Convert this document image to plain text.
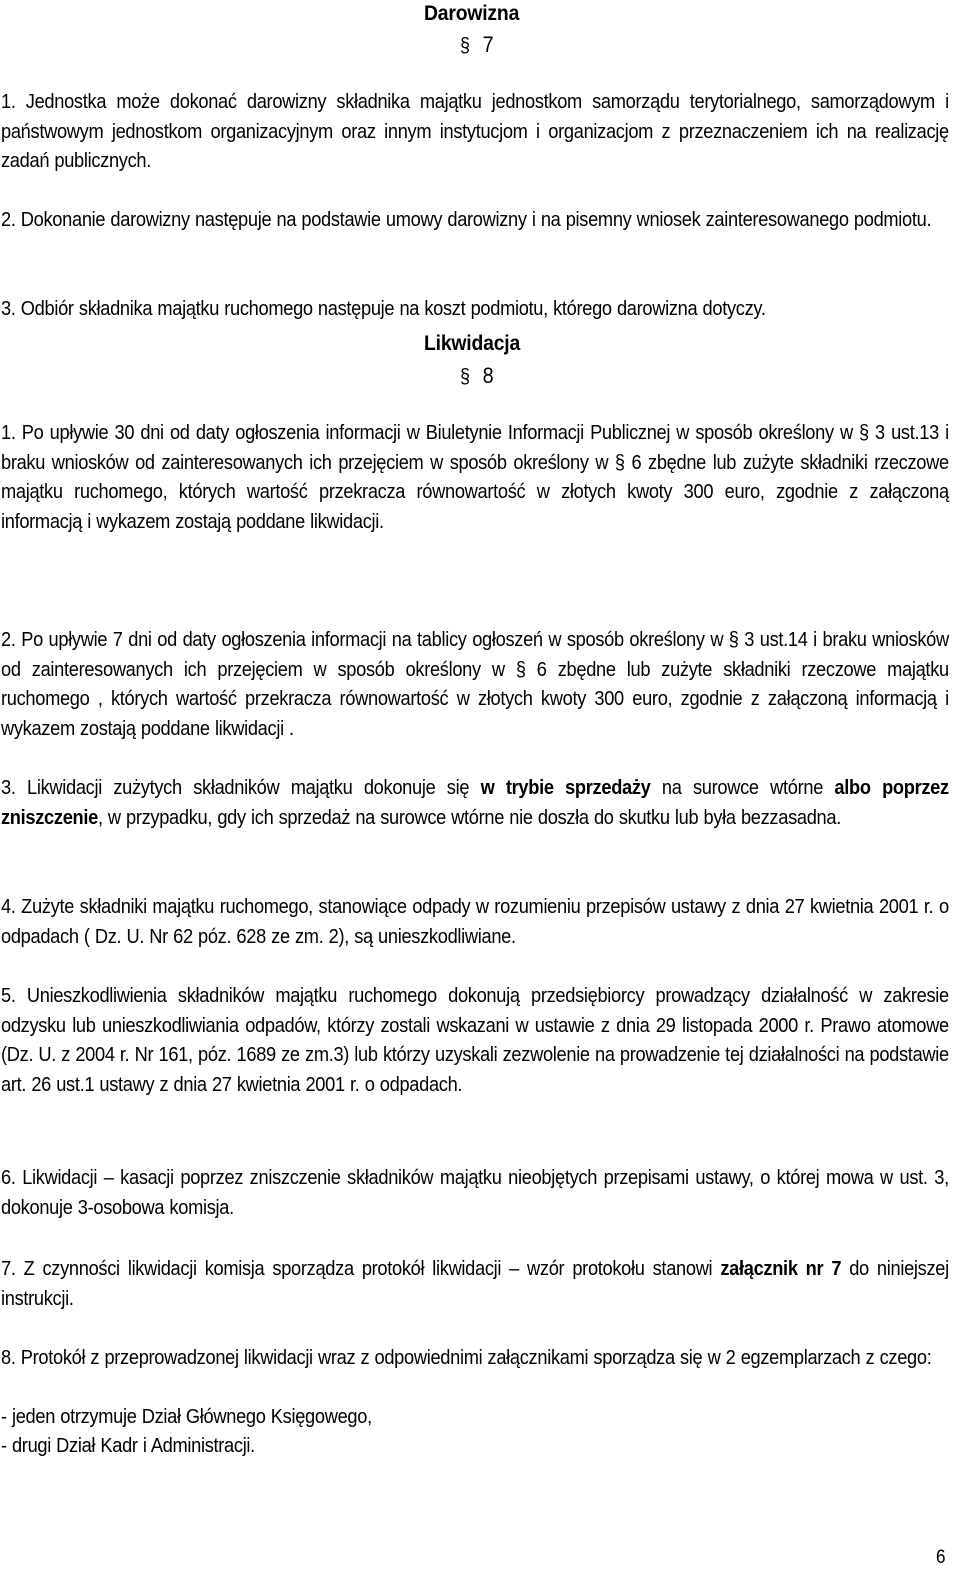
Darowizna
§ 7
1. Jednostka może dokonać darowizny składnika majątku jednostkom samorządu terytorialnego, samorządowym i państwowym jednostkom organizacyjnym oraz innym instytucjom i organizacjom z przeznaczeniem ich na realizację zadań publicznych.
2. Dokonanie darowizny następuje na podstawie umowy darowizny i na pisemny wniosek zainteresowanego podmiotu.
3. Odbiór składnika majątku ruchomego następuje na koszt podmiotu, którego darowizna dotyczy.
Likwidacja
§ 8
1. Po upływie 30 dni od daty ogłoszenia informacji w Biuletynie Informacji Publicznej w sposób określony w § 3 ust.13 i braku wniosków od zainteresowanych ich przejęciem w sposób określony w § 6 zbędne lub zużyte składniki rzeczowe majątku ruchomego, których wartość przekracza równowartość w złotych kwoty 300 euro, zgodnie z załączoną informacją i wykazem zostają poddane likwidacji.
2. Po upływie 7 dni od daty ogłoszenia informacji na tablicy ogłoszeń w sposób określony w § 3 ust.14 i braku wniosków od zainteresowanych ich przejęciem w sposób określony w § 6 zbędne lub zużyte składniki rzeczowe majątku ruchomego , których wartość przekracza równowartość w złotych kwoty 300 euro, zgodnie z załączoną informacją i wykazem zostają poddane likwidacji .
3. Likwidacji zużytych składników majątku dokonuje się w trybie sprzedaży na surowce wtórne albo poprzez zniszczenie, w przypadku, gdy ich sprzedaż na surowce wtórne nie doszła do skutku lub była bezzasadna.
4. Zużyte składniki majątku ruchomego, stanowiące odpady w rozumieniu przepisów ustawy z dnia 27 kwietnia 2001 r. o odpadach ( Dz. U. Nr 62 póz. 628 ze zm. 2), są unieszkodliwiane.
5. Unieszkodliwienia składników majątku ruchomego dokonują przedsiębiorcy prowadzący działalność w zakresie odzysku lub unieszkodliwiania odpadów, którzy zostali wskazani w ustawie z dnia 29 listopada 2000 r. Prawo atomowe (Dz. U. z 2004 r. Nr 161, póz. 1689 ze zm.3) lub którzy uzyskali zezwolenie na prowadzenie tej działalności na podstawie art. 26 ust.1 ustawy z dnia 27 kwietnia 2001 r. o odpadach.
6. Likwidacji – kasacji poprzez zniszczenie składników majątku nieobjętych przepisami ustawy, o której mowa w ust. 3, dokonuje 3-osobowa komisja.
7. Z czynności likwidacji komisja sporządza protokół likwidacji – wzór protokołu stanowi załącznik nr 7 do niniejszej instrukcji.
8. Protokół z przeprowadzonej likwidacji wraz z odpowiednimi załącznikami sporządza się w 2 egzemplarzach z czego:
- jeden otrzymuje Dział Głównego Księgowego,
- drugi Dział Kadr i Administracji.
6
